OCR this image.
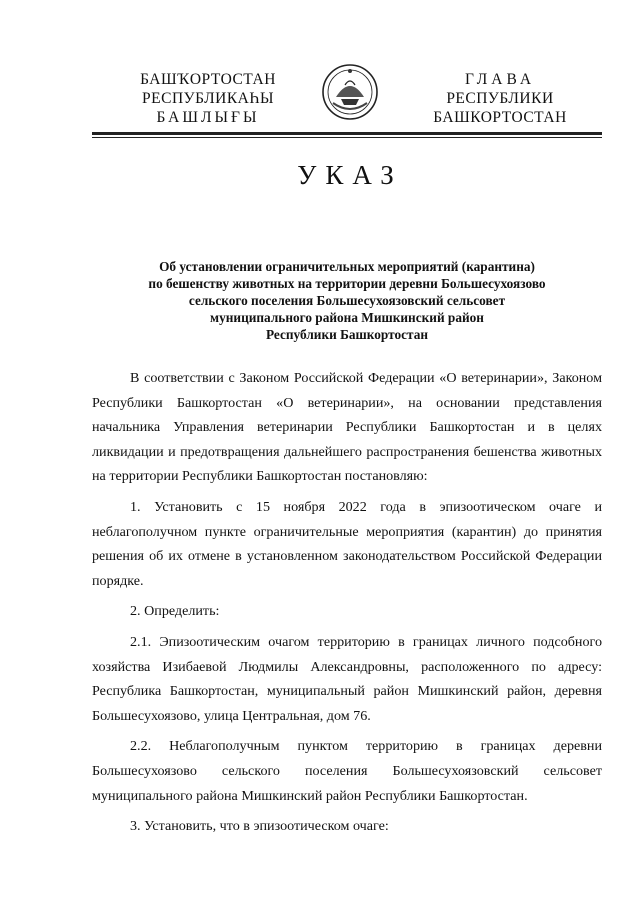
БАШҠОРТОСТАН
РЕСПУБЛИКАҺЫ
БАШЛЫҒЫ
ГЛАВА
РЕСПУБЛИКИ
БАШКОРТОСТАН
УКАЗ
Об установлении ограничительных мероприятий (карантина)
по бешенству животных на территории деревни Большесухоязово
сельского поселения Большесухоязовский сельсовет
муниципального района Мишкинский район
Республики Башкортостан

В соответствии с Законом Российской Федерации «О ветеринарии», Законом Республики Башкортостан «О ветеринарии», на основании представления начальника Управления ветеринарии Республики Башкортостан и в целях ликвидации и предотвращения дальнейшего распространения бешенства животных на территории Республики Башкортостан постановляю:

1. Установить с 15 ноября 2022 года в эпизоотическом очаге и неблагополучном пункте ограничительные мероприятия (карантин) до принятия решения об их отмене в установленном законодательством Российской Федерации порядке.

2. Определить:

2.1. Эпизоотическим очагом территорию в границах личного подсобного хозяйства Изибаевой Людмилы Александровны, расположенного по адресу: Республика Башкортостан, муниципальный район Мишкинский район, деревня Большесухоязово, улица Центральная, дом 76.

2.2. Неблагополучным пунктом территорию в границах деревни Большесухоязово сельского поселения Большесухоязовский сельсовет муниципального района Мишкинский район Республики Башкортостан.

3. Установить, что в эпизоотическом очаге:
